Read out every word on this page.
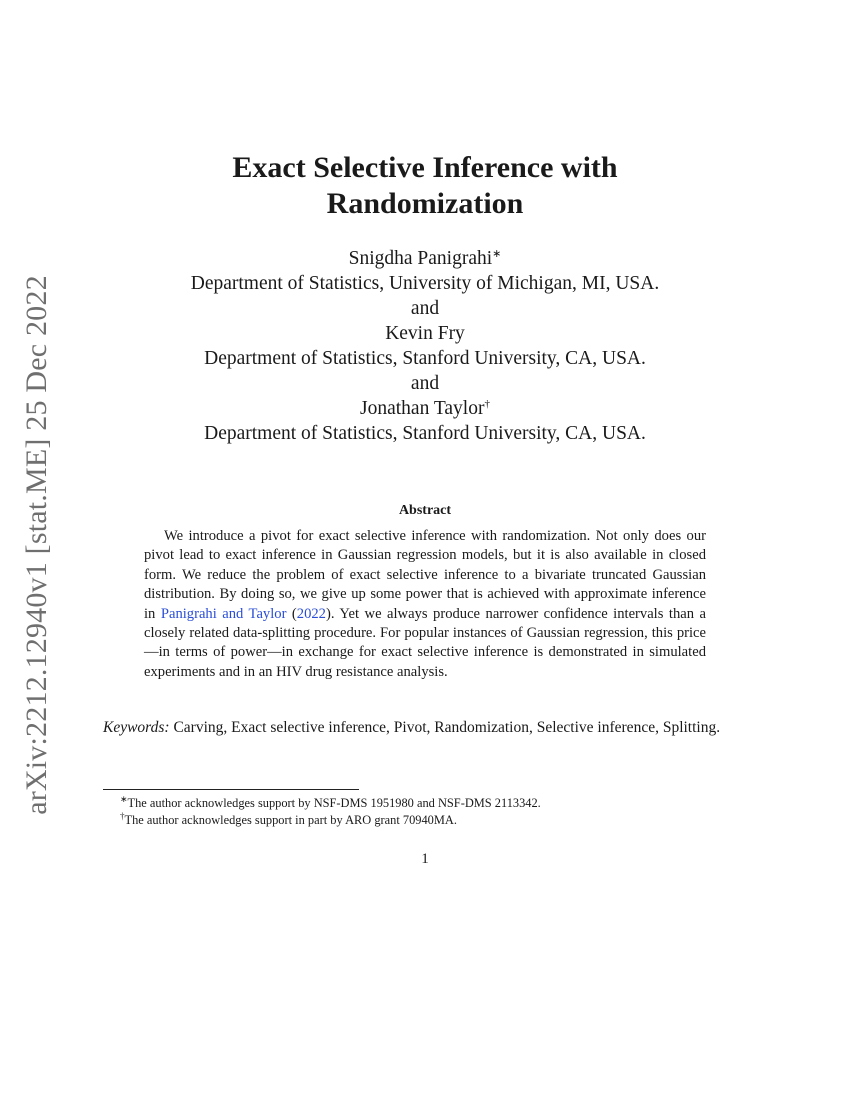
arXiv:2212.12940v1 [stat.ME] 25 Dec 2022
Exact Selective Inference with
Randomization
Snigdha Panigrahi∗
Department of Statistics, University of Michigan, MI, USA.
and
Kevin Fry
Department of Statistics, Stanford University, CA, USA.
and
Jonathan Taylor†
Department of Statistics, Stanford University, CA, USA.
Abstract

We introduce a pivot for exact selective inference with randomization. Not only does our pivot lead to exact inference in Gaussian regression models, but it is also available in closed form. We reduce the problem of exact selective inference to a bivariate truncated Gaussian distribution. By doing so, we give up some power that is achieved with approximate inference in Panigrahi and Taylor (2022). Yet we always produce narrower confidence intervals than a closely related data-splitting procedure. For popular instances of Gaussian regression, this price—in terms of power—in exchange for exact selective inference is demonstrated in simulated experiments and in an HIV drug resistance analysis.

Keywords: Carving, Exact selective inference, Pivot, Randomization, Selective inference, Splitting.

∗The author acknowledges support by NSF-DMS 1951980 and NSF-DMS 2113342.
†The author acknowledges support in part by ARO grant 70940MA.
1
